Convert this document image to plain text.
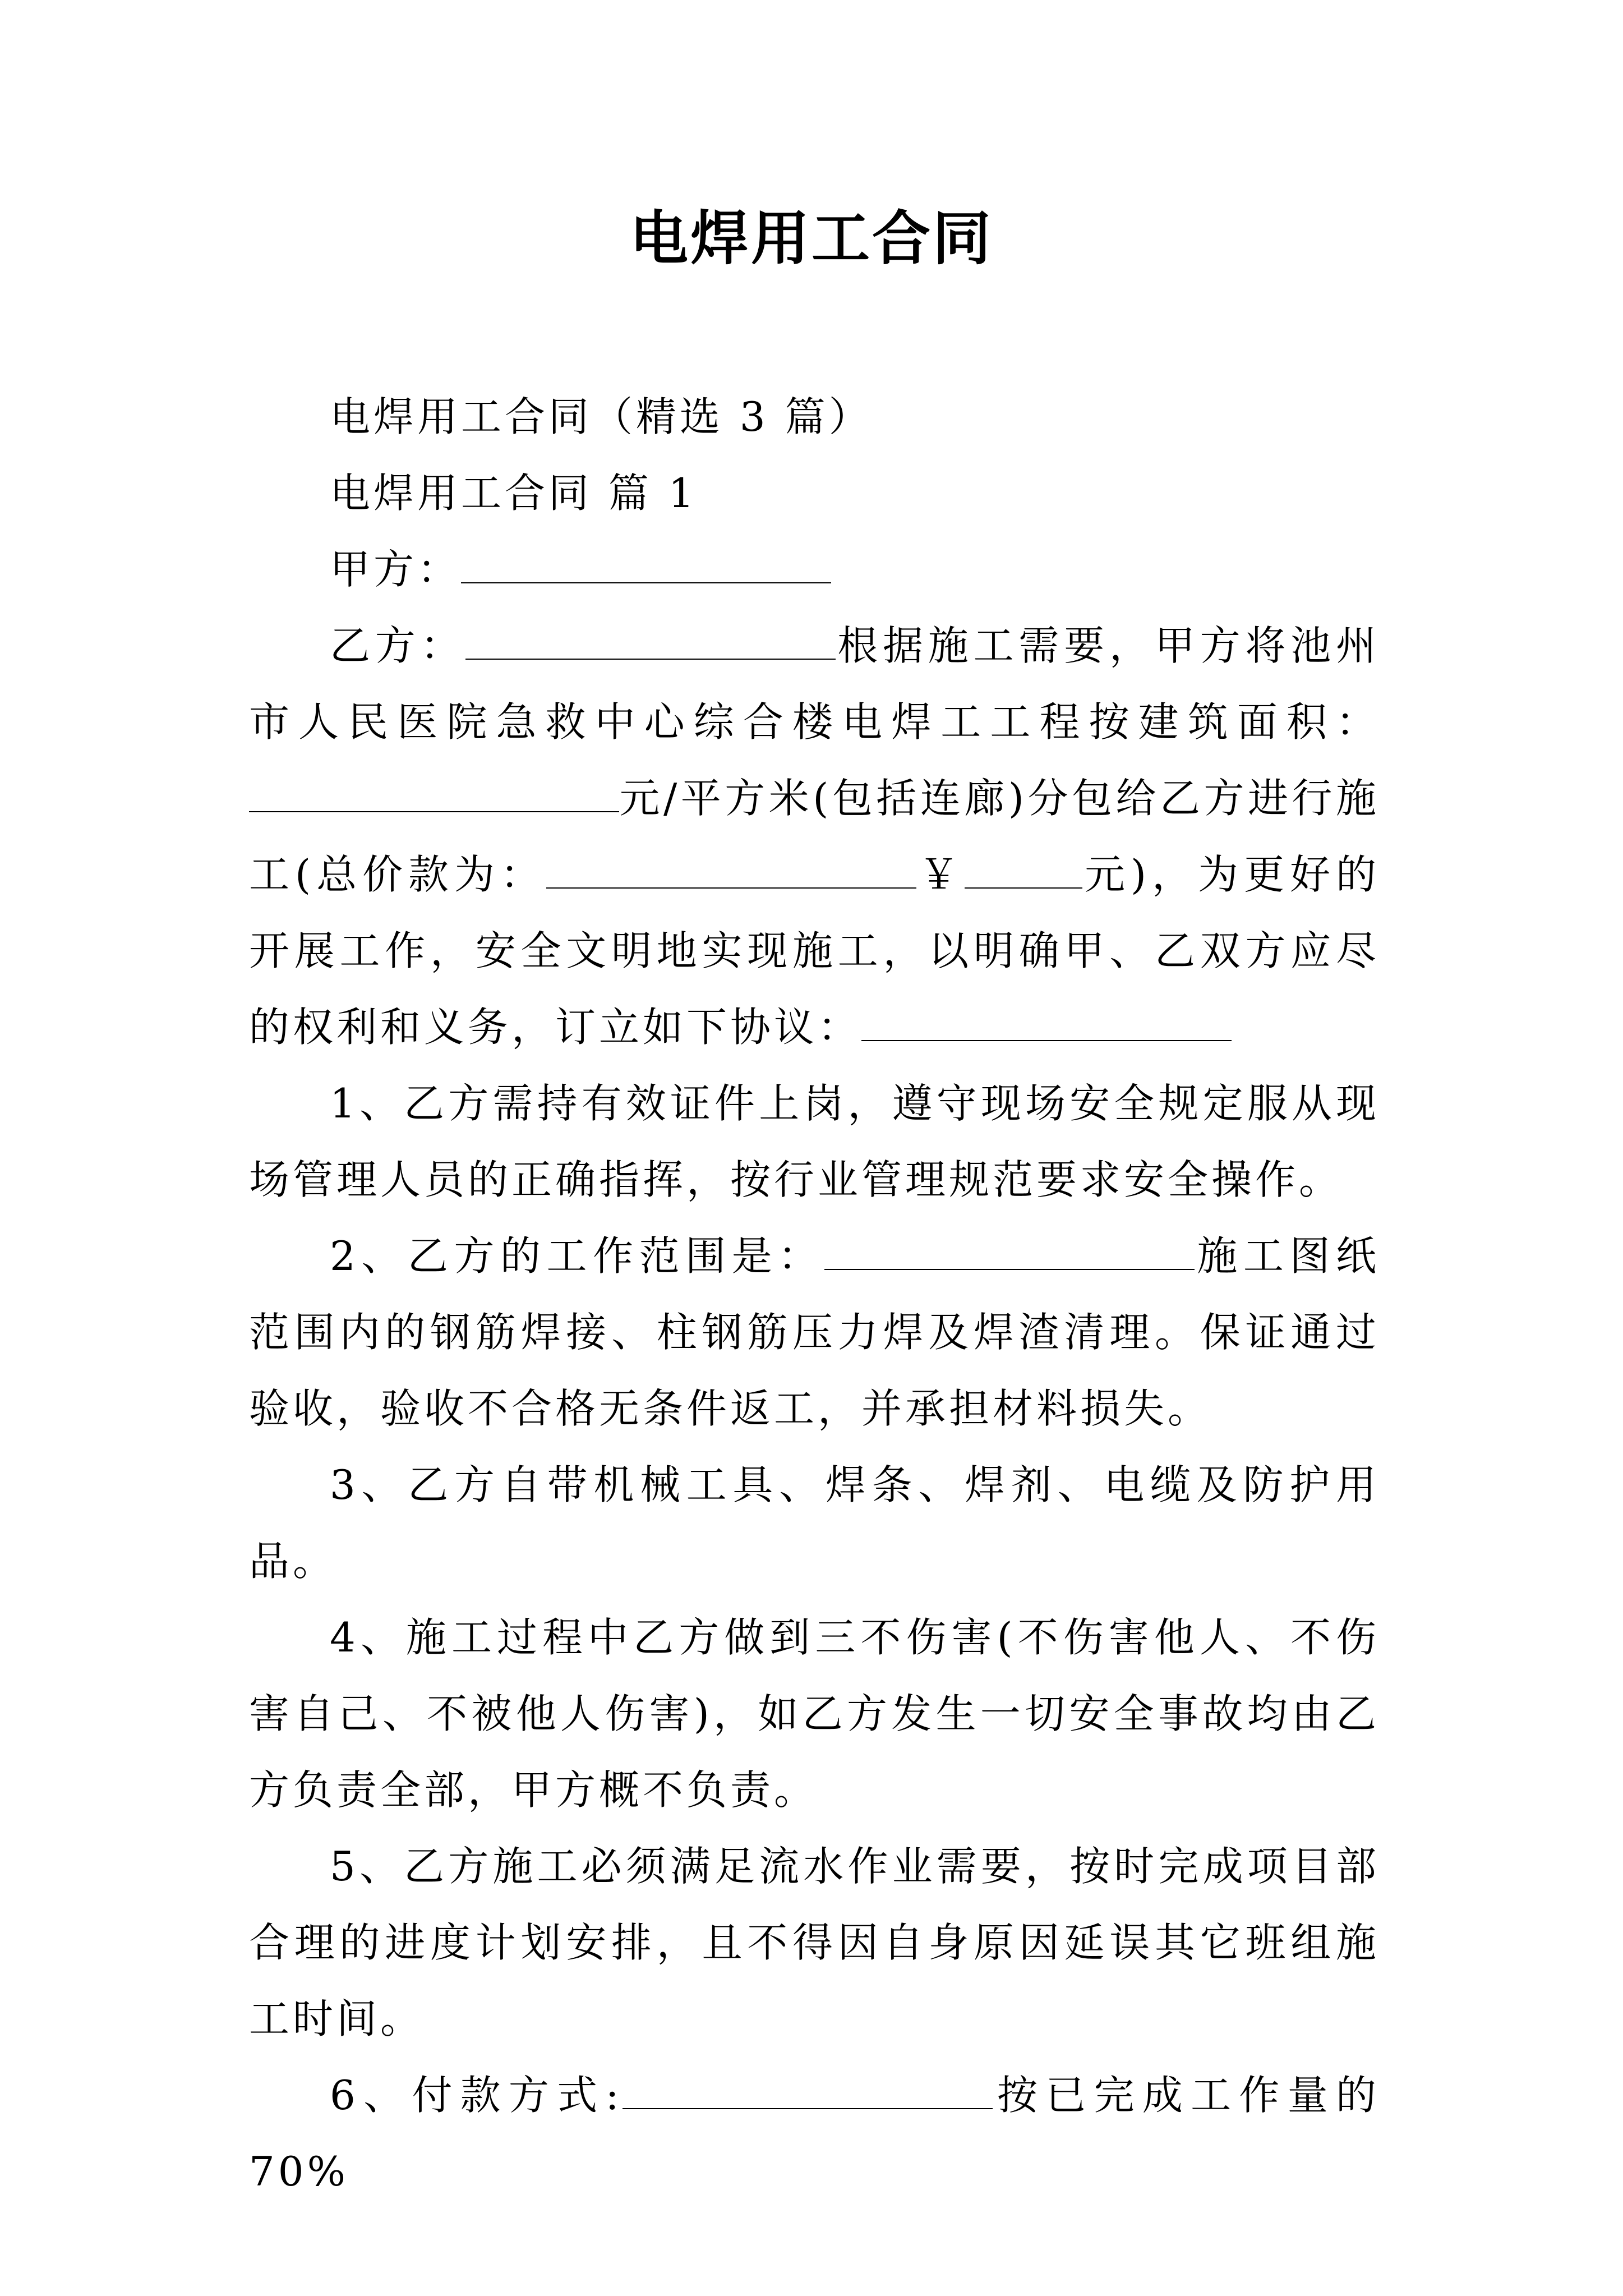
电焊用工合同

电焊用工合同（精选 3 篇）

电焊用工合同 篇 1

甲方：

乙方：	根据施工需要，甲方将池州市人民医院急救中心综合楼电焊工工程按建筑面积：元/平方米(包括连廊)分包给乙方进行施工(总价款为：	￥	元)，为更好的开展工作，安全文明地实现施工，以明确甲、乙双方应尽的权利和义务，订立如下协议：

1、乙方需持有效证件上岗，遵守现场安全规定服从现场管理人员的正确指挥，按行业管理规范要求安全操作。

2、乙方的工作范围是：	施工图纸范围内的钢筋焊接、柱钢筋压力焊及焊渣清理。保证通过验收，验收不合格无条件返工，并承担材料损失。

3、乙方自带机械工具、焊条、焊剂、电缆及防护用品。

4、施工过程中乙方做到三不伤害(不伤害他人、不伤害自己、不被他人伤害)，如乙方发生一切安全事故均由乙方负责全部，甲方概不负责。

5、乙方施工必须满足流水作业需要，按时完成项目部合理的进度计划安排，且不得因自身原因延误其它班组施工时间。

6、付款方式:	按已完成工作量的 70%
